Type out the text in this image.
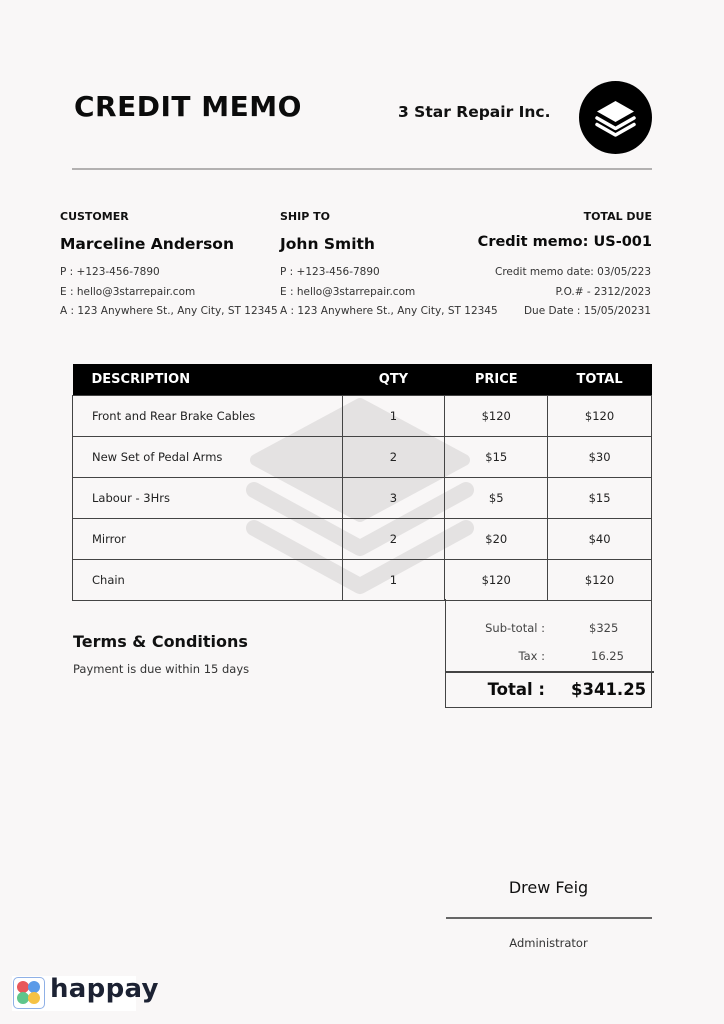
CREDIT MEMO	3 Star Repair Inc.
CUSTOMER
Marceline Anderson
P : +123-456-7890
E : hello@3starrepair.com
A : 123 Anywhere St., Any City, ST 12345
SHIP TO
John Smith
P : +123-456-7890
E : hello@3starrepair.com
A : 123 Anywhere St., Any City, ST 12345
TOTAL DUE
Credit memo: US-001
Credit memo date: 03/05/223
P.O.# - 2312/2023
Due Date : 15/05/20231
DESCRIPTION	QTY	PRICE	TOTAL
Front and Rear Brake Cables	1	$120	$120
New Set of Pedal Arms	2	$15	$30
Labour - 3Hrs	3	$5	$15
Mirror	2	$20	$40
Chain	1	$120	$120
Sub-total :	$325
Tax :	16.25
Total : $341.25
Terms & Conditions
Payment is due within 15 days
Drew Feig
Administrator
happay
